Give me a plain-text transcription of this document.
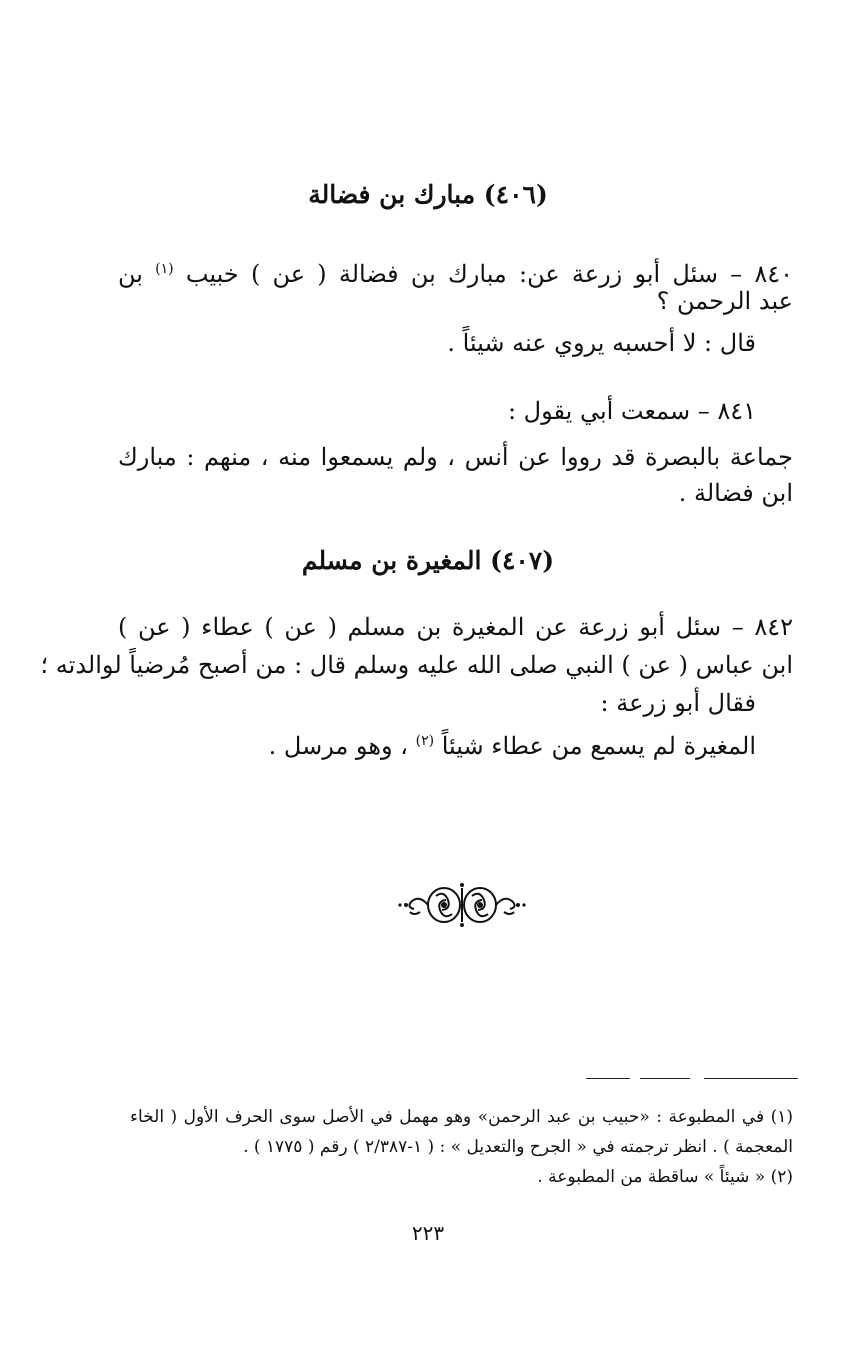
(٤٠٦) مبارك بن فضالة
٨٤٠ – سئل أبو زرعة عن: مبارك بن فضالة ( عن ) خبيب $^{(١)}$ بن
عبد الرحمن ؟
قال : لا أحسبه يروي عنه شيئاً .
٨٤١ – سمعت أبي يقول :
جماعة بالبصرة قد رووا عن أنس ، ولم يسمعوا منه ، منهم : مبارك
ابن فضالة .
(٤٠٧) المغيرة بن مسلم
٨٤٢ – سئل أبو زرعة عن المغيرة بن مسلم ( عن ) عطاء ( عن )
ابن عباس ( عن ) النبي صلى الله عليه وسلم قال : من أصبح مُرضياً لوالدته ؛
فقال أبو زرعة :
المغيرة لم يسمع من عطاء شيئاً $^{(٢)}$ ، وهو مرسل .
(١) في المطبوعة : «حبيب بن عبد الرحمن» وهو مهمل في الأصل سوى الحرف الأول ( الخاء
المعجمة ) . انظر ترجمته في « الجرح والتعديل » : ( ١-٢/٣٨٧ ) رقم ( ١٧٧٥ ) .
(٢) « شيئاً » ساقطة من المطبوعة .
٢٢٣
